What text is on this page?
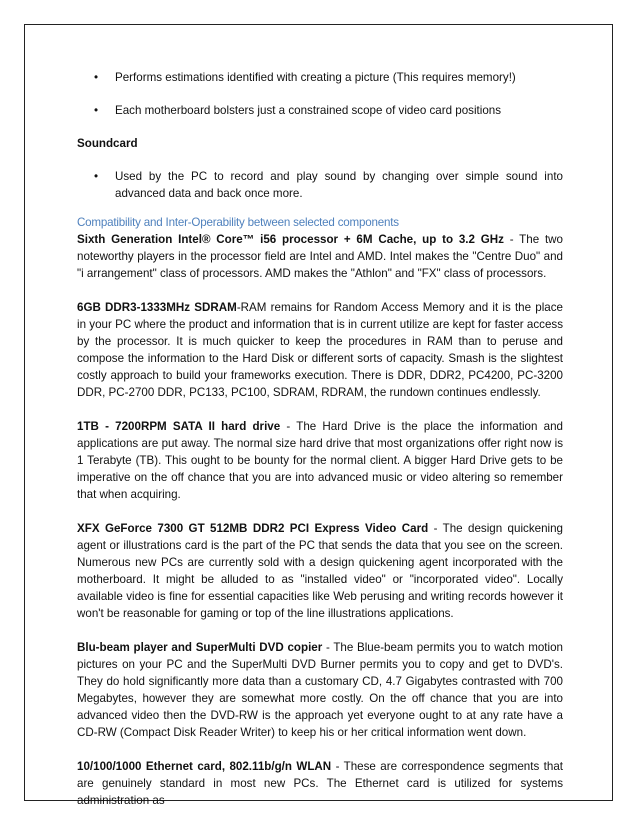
• Performs estimations identified with creating a picture (This requires memory!)
• Each motherboard bolsters just a constrained scope of video card positions
Soundcard
• Used by the PC to record and play sound by changing over simple sound into advanced data and back once more.
Compatibility and Inter-Operability between selected components

Sixth Generation Intel® Core™ i56 processor + 6M Cache, up to 3.2 GHz - The two noteworthy players in the processor field are Intel and AMD. Intel makes the "Centre Duo" and "i arrangement" class of processors. AMD makes the "Athlon" and "FX" class of processors.

6GB DDR3-1333MHz SDRAM-RAM remains for Random Access Memory and it is the place in your PC where the product and information that is in current utilize are kept for faster access by the processor. It is much quicker to keep the procedures in RAM than to peruse and compose the information to the Hard Disk or different sorts of capacity. Smash is the slightest costly approach to build your frameworks execution. There is DDR, DDR2, PC4200, PC-3200 DDR, PC-2700 DDR, PC133, PC100, SDRAM, RDRAM, the rundown continues endlessly.

1TB - 7200RPM SATA II hard drive - The Hard Drive is the place the information and applications are put away. The normal size hard drive that most organizations offer right now is 1 Terabyte (TB). This ought to be bounty for the normal client. A bigger Hard Drive gets to be imperative on the off chance that you are into advanced music or video altering so remember that when acquiring.

XFX GeForce 7300 GT 512MB DDR2 PCI Express Video Card - The design quickening agent or illustrations card is the part of the PC that sends the data that you see on the screen. Numerous new PCs are currently sold with a design quickening agent incorporated with the motherboard. It might be alluded to as "installed video" or "incorporated video". Locally available video is fine for essential capacities like Web perusing and writing records however it won't be reasonable for gaming or top of the line illustrations applications.

Blu-beam player and SuperMulti DVD copier - The Blue-beam permits you to watch motion pictures on your PC and the SuperMulti DVD Burner permits you to copy and get to DVD's. They do hold significantly more data than a customary CD, 4.7 Gigabytes contrasted with 700 Megabytes, however they are somewhat more costly. On the off chance that you are into advanced video then the DVD-RW is the approach yet everyone ought to at any rate have a CD-RW (Compact Disk Reader Writer) to keep his or her critical information went down.

10/100/1000 Ethernet card, 802.11b/g/n WLAN - These are correspondence segments that are genuinely standard in most new PCs. The Ethernet card is utilized for systems administration as
